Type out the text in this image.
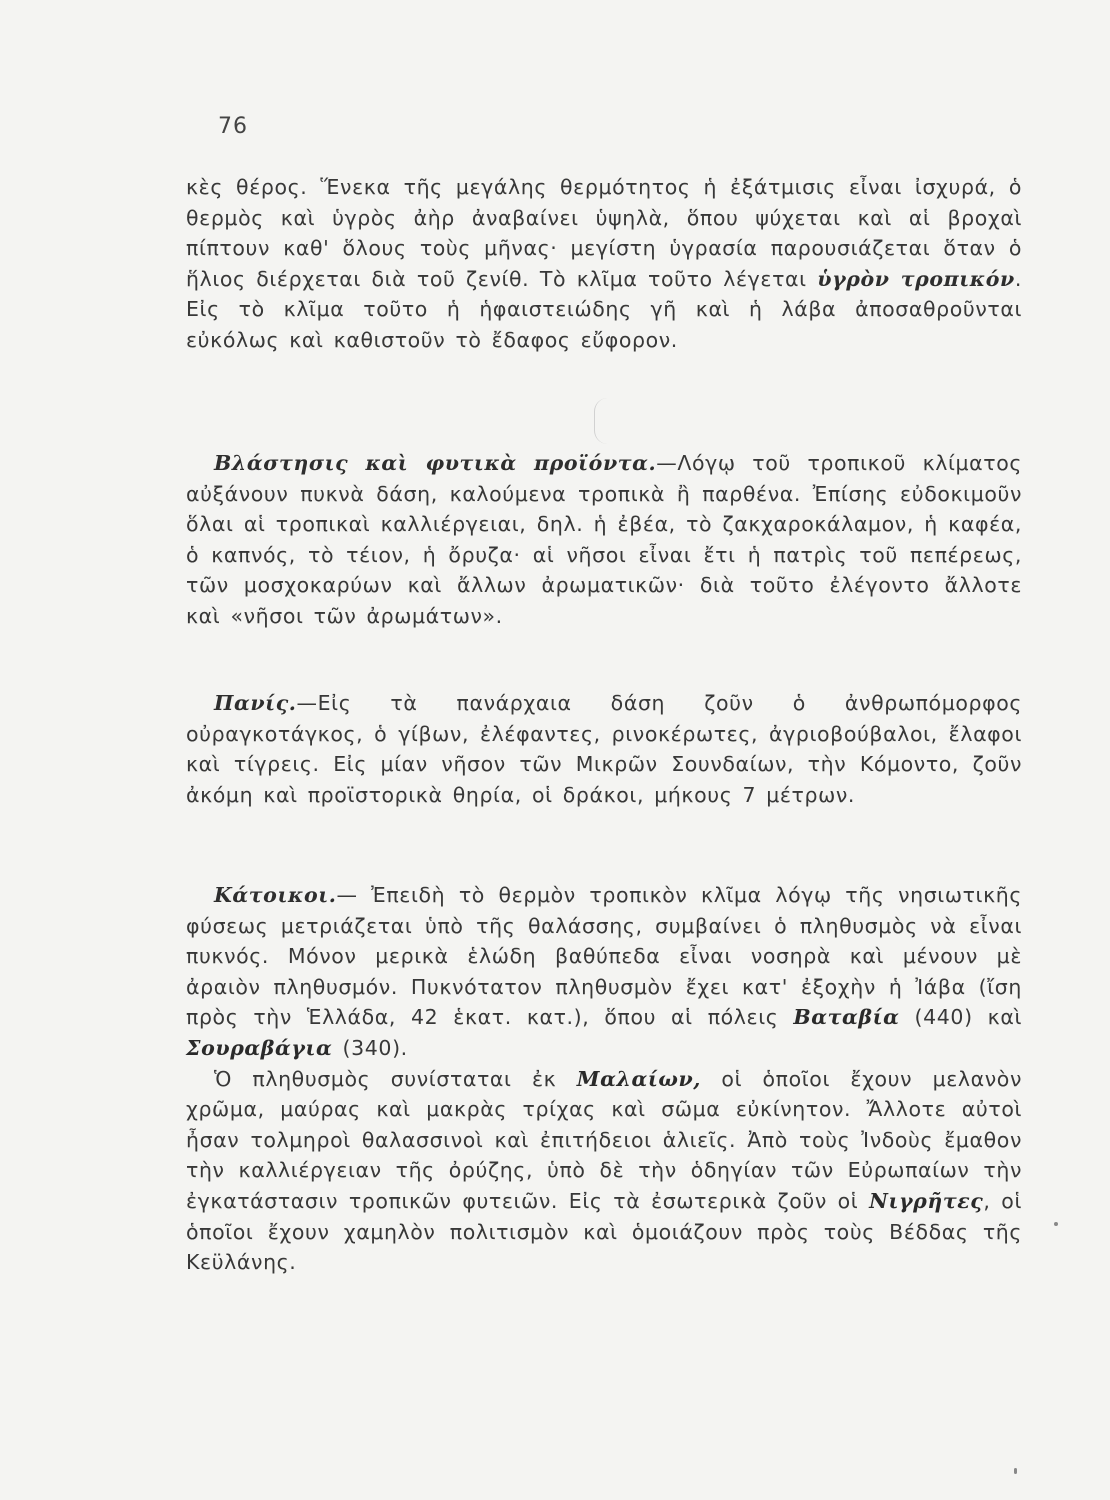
76

κὲς θέρος. Ἕνεκα τῆς μεγάλης θερμότητος ἡ ἐξάτμισις εἶναι ἰσχυρά, ὁ θερμὸς καὶ ὑγρὸς ἀὴρ ἀναβαίνει ὑψηλὰ, ὅπου ψύχεται καὶ αἱ βροχαὶ πίπτουν καθ' ὅλους τοὺς μῆνας· μεγίστη ὑγρασία παρουσιάζεται ὅταν ὁ ἥλιος διέρχεται διὰ τοῦ ζενίθ. Τὸ κλῖμα τοῦτο λέγεται ὑγρὸν τροπικόν. Εἰς τὸ κλῖμα τοῦτο ἡ ἡφαιστειώδης γῆ καὶ ἡ λάβα ἀποσαθροῦνται εὐκόλως καὶ καθιστοῦν τὸ ἔδαφος εὔφορον.

Βλάστησις καὶ φυτικὰ προϊόντα.—Λόγῳ τοῦ τροπικοῦ κλίματος αὐξάνουν πυκνὰ δάση, καλούμενα τροπικὰ ἢ παρθένα. Ἐπίσης εὐδοκιμοῦν ὅλαι αἱ τροπικαὶ καλλιέργειαι, δηλ. ἡ ἐβέα, τὸ ζακχαροκάλαμον, ἡ καφέα, ὁ καπνός, τὸ τέιον, ἡ ὄρυζα· αἱ νῆσοι εἶναι ἔτι ἡ πατρὶς τοῦ πεπέρεως, τῶν μοσχοκαρύων καὶ ἄλλων ἀρωματικῶν· διὰ τοῦτο ἐλέγοντο ἄλλοτε καὶ «νῆσοι τῶν ἀρωμάτων».

Πανίς.—Εἰς τὰ πανάρχαια δάση ζοῦν ὁ ἀνθρωπόμορφος οὐραγκοτάγκος, ὁ γίβων, ἐλέφαντες, ρινοκέρωτες, ἀγριοβούβαλοι, ἔλαφοι καὶ τίγρεις. Εἰς μίαν νῆσον τῶν Μικρῶν Σουνδαίων, τὴν Κόμοντο, ζοῦν ἀκόμη καὶ προϊστορικὰ θηρία, οἱ δράκοι, μήκους 7 μέτρων.

Κάτοικοι.— Ἐπειδὴ τὸ θερμὸν τροπικὸν κλῖμα λόγῳ τῆς νησιωτικῆς φύσεως μετριάζεται ὑπὸ τῆς θαλάσσης, συμβαίνει ὁ πληθυσμὸς νὰ εἶναι πυκνός. Μόνον μερικὰ ἑλώδη βαθύπεδα εἶναι νοσηρὰ καὶ μένουν μὲ ἀραιὸν πληθυσμόν. Πυκνότατον πληθυσμὸν ἔχει κατ' ἐξοχὴν ἡ Ἰάβα (ἴση πρὸς τὴν Ἑλλάδα, 42 ἑκατ. κατ.), ὅπου αἱ πόλεις Βαταβία (440) καὶ Σουραβάγια (340).

Ὁ πληθυσμὸς συνίσταται ἐκ Μαλαίων, οἱ ὁποῖοι ἔχουν μελανὸν χρῶμα, μαύρας καὶ μακρὰς τρίχας καὶ σῶμα εὐκίνητον. Ἄλλοτε αὐτοὶ ἦσαν τολμηροὶ θαλασσινοὶ καὶ ἐπιτήδειοι ἁλιεῖς. Ἀπὸ τοὺς Ἰνδοὺς ἔμαθον τὴν καλλιέργειαν τῆς ὀρύζης, ὑπὸ δὲ τὴν ὁδηγίαν τῶν Εὐρωπαίων τὴν ἐγκατάστασιν τροπικῶν φυτειῶν. Εἰς τὰ ἐσωτερικὰ ζοῦν οἱ Νιγρῆτες, οἱ ὁποῖοι ἔχουν χαμηλὸν πολιτισμὸν καὶ ὁμοιάζουν πρὸς τοὺς Βέδδας τῆς Κεϋλάνης.
